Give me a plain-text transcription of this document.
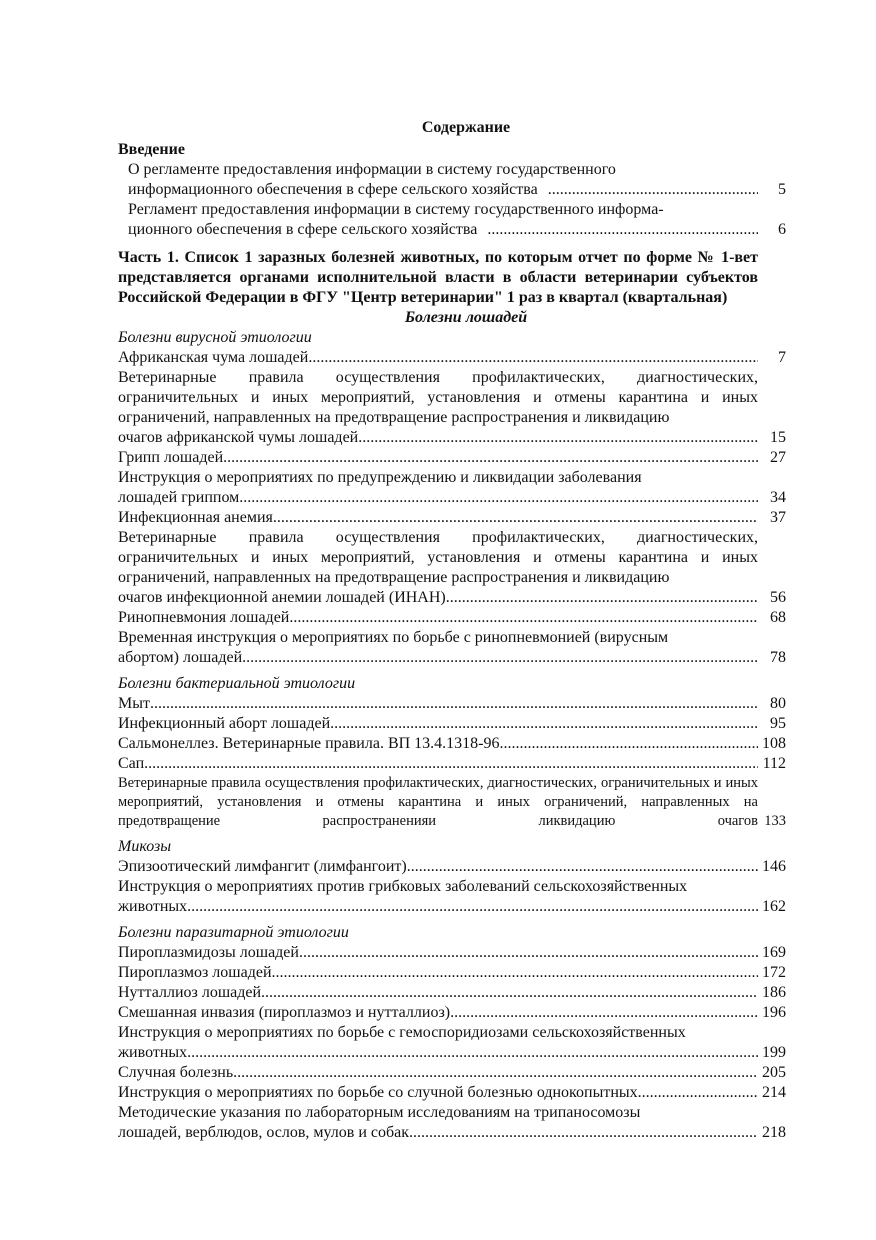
Содержание
Введение
О регламенте предоставления информации в систему государственного
информационного обеспечения в сфере сельского хозяйства .....	5
Регламент предоставления информации в систему государственного информа-
ционного обеспечения в сфере сельского хозяйства .....	6
Часть 1. Список 1 заразных болезней животных, по которым отчет по форме № 1-вет представляется органами исполнительной власти в области ветеринарии субъектов Российской Федерации в ФГУ "Центр ветеринарии" 1 раз в квартал (квартальная)
Болезни лошадей
Болезни вирусной этиологии
Африканская чума лошадей .....	7
Ветеринарные правила осуществления профилактических, диагностических, ограничительных и иных мероприятий, установления и отмены карантина и иных ограничений, направленных на предотвращение распространения и ликвидацию
очагов африканской чумы лошадей .....	15
Грипп лошадей .....	27
Инструкция о мероприятиях по предупреждению и ликвидации заболевания
лошадей гриппом .....	34
Инфекционная анемия .....	37
Ветеринарные правила осуществления профилактических, диагностических, ограничительных и иных мероприятий, установления и отмены карантина и иных ограничений, направленных на предотвращение распространения и ликвидацию
очагов инфекционной анемии лошадей (ИНАН) .....	56
Ринопневмония лошадей .....	68
Временная инструкция о мероприятиях по борьбе с ринопневмонией (вирусным
абортом) лошадей .....	78
Болезни бактериальной этиологии
Мыт .....	80
Инфекционный аборт лошадей .....	95
Сальмонеллез. Ветеринарные правила. ВП 13.4.1318-96 .....	108
Сап .....	112
Ветеринарные правила осуществления профилактических, диагностических, ограничительных и иных мероприятий, установления и отмены карантина и иных ограничений, направленных на предотвращение распространенияи ликвидацию очагов 133
Микозы
Эпизоотический лимфангит (лимфангоит) .....	146
Инструкция о мероприятиях против грибковых заболеваний сельскохозяйственных
животных .....	162
Болезни паразитарной этиологии
Пироплазмидозы лошадей .....	169
Пироплазмоз лошадей .....	172
Нутталлиоз лошадей .....	186
Смешанная инвазия (пироплазмоз и нутталлиоз) .....	196
Инструкция о мероприятиях по борьбе с гемоспоридиозами сельскохозяйственных
животных .....	199
Случная болезнь .....	205
Инструкция о мероприятиях по борьбе со случной болезнью однокопытных .....	214
Методические указания по лабораторным исследованиям на трипаносомозы
лошадей, верблюдов, ослов, мулов и собак .....	218
